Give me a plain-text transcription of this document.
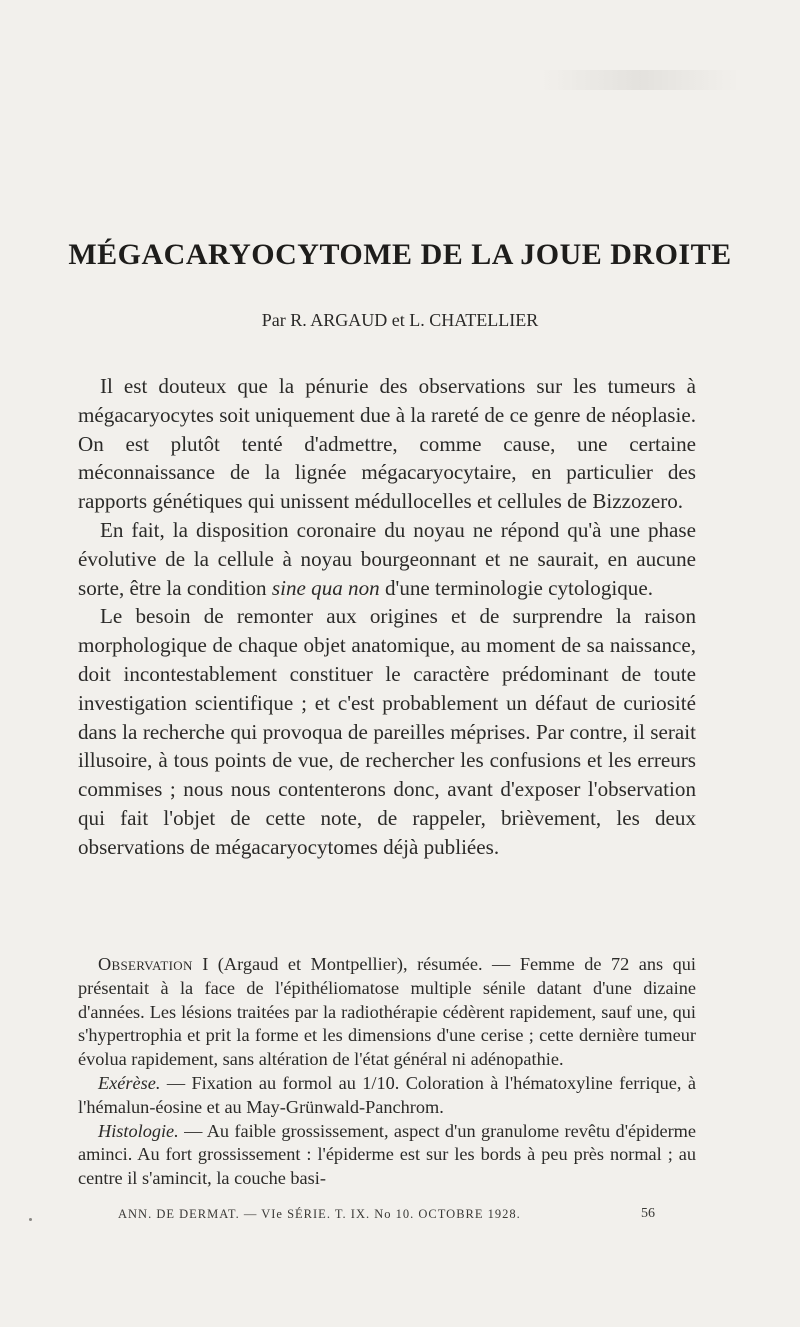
MÉGACARYOCYTOME DE LA JOUE DROITE
Par R. ARGAUD et L. CHATELLIER

Il est douteux que la pénurie des observations sur les tumeurs à mégacaryocytes soit uniquement due à la rareté de ce genre de néoplasie. On est plutôt tenté d'admettre, comme cause, une certaine méconnaissance de la lignée mégacaryocytaire, en particulier des rapports génétiques qui unissent médullocelles et cellules de Bizzozero.

En fait, la disposition coronaire du noyau ne répond qu'à une phase évolutive de la cellule à noyau bourgeonnant et ne saurait, en aucune sorte, être la condition sine qua non d'une terminologie cytologique.

Le besoin de remonter aux origines et de surprendre la raison morphologique de chaque objet anatomique, au moment de sa naissance, doit incontestablement constituer le caractère prédominant de toute investigation scientifique ; et c'est probablement un défaut de curiosité dans la recherche qui provoqua de pareilles méprises. Par contre, il serait illusoire, à tous points de vue, de rechercher les confusions et les erreurs commises ; nous nous contenterons donc, avant d'exposer l'observation qui fait l'objet de cette note, de rappeler, brièvement, les deux observations de mégacaryocytomes déjà publiées.

Observation I (Argaud et Montpellier), résumée. — Femme de 72 ans qui présentait à la face de l'épithéliomatose multiple sénile datant d'une dizaine d'années. Les lésions traitées par la radiothérapie cédèrent rapidement, sauf une, qui s'hypertrophia et prit la forme et les dimensions d'une cerise ; cette dernière tumeur évolua rapidement, sans altération de l'état général ni adénopathie.

Exérèse. — Fixation au formol au 1/10. Coloration à l'hématoxyline ferrique, à l'hémalun-éosine et au May-Grünwald-Panchrom.

Histologie. — Au faible grossissement, aspect d'un granulome revêtu d'épiderme aminci. Au fort grossissement : l'épiderme est sur les bords à peu près normal ; au centre il s'amincit, la couche basi-

ANN. DE DERMAT. — VIe SÉRIE. T. IX. No 10. OCTOBRE 1928.	56
